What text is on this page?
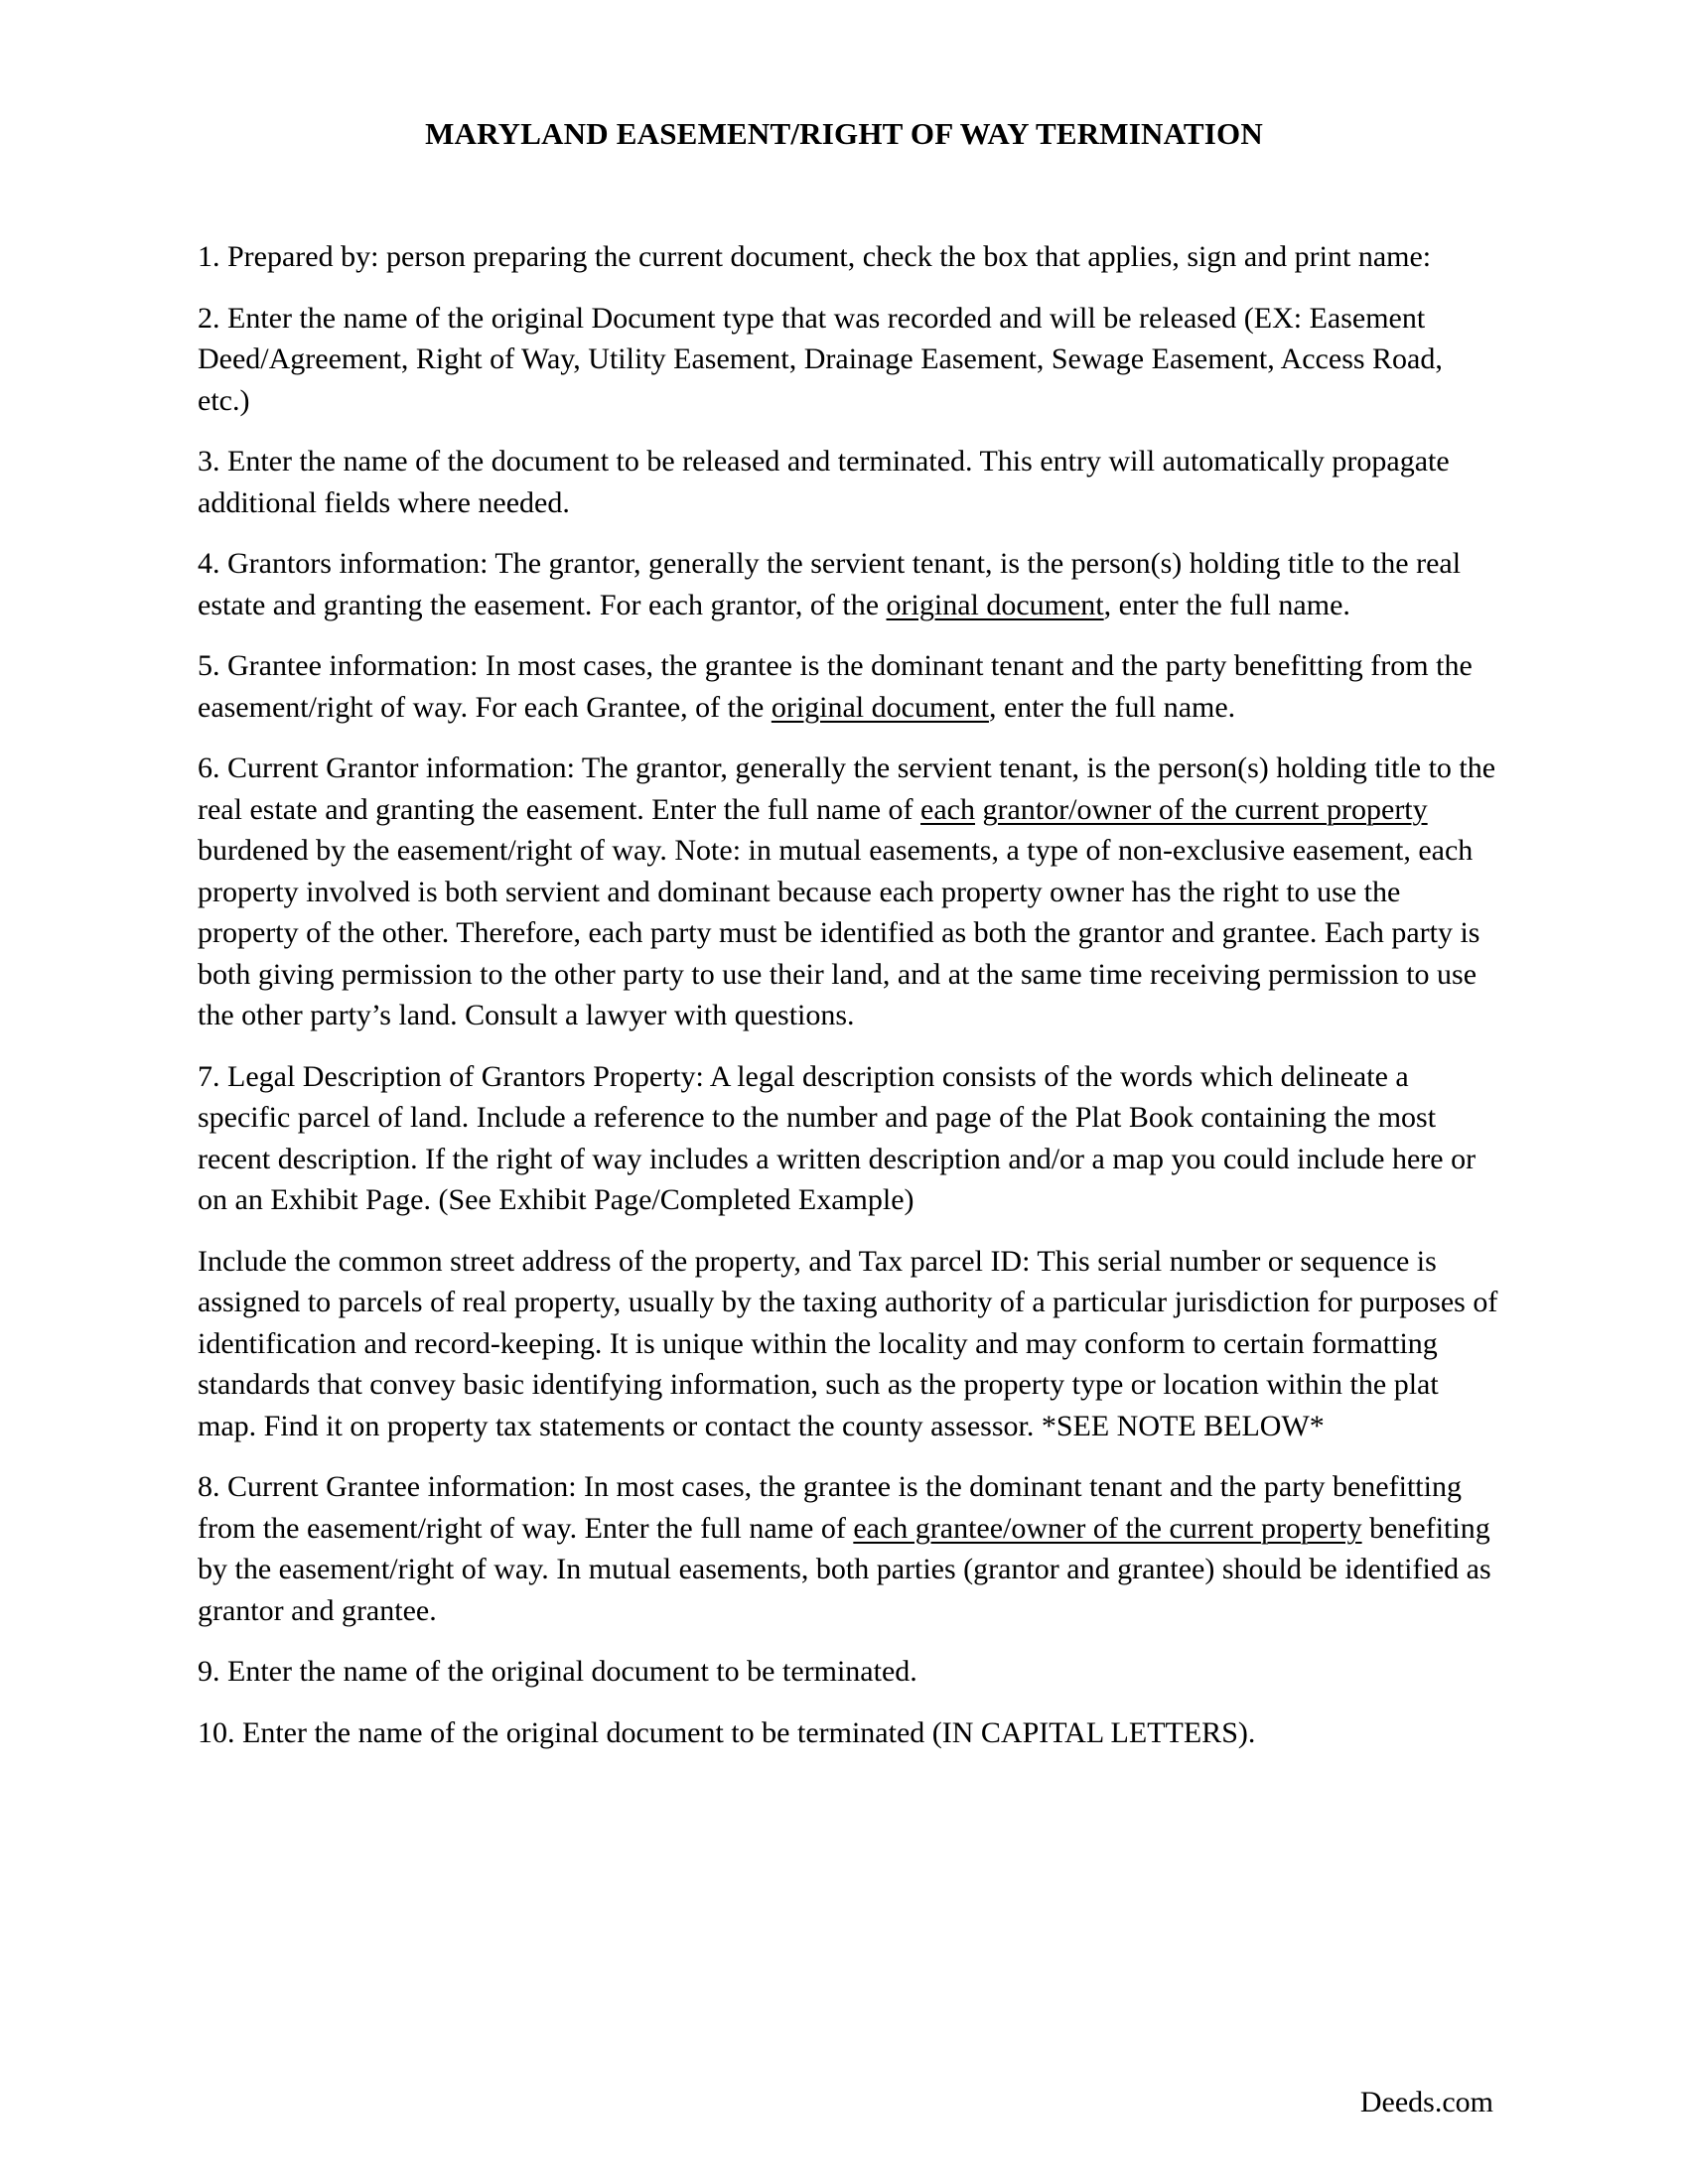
MARYLAND EASEMENT/RIGHT OF WAY TERMINATION

1. Prepared by: person preparing the current document, check the box that applies, sign and print name:

2. Enter the name of the original Document type that was recorded and will be released (EX: Easement Deed/Agreement, Right of Way, Utility Easement, Drainage Easement, Sewage Easement, Access Road, etc.)

3. Enter the name of the document to be released and terminated. This entry will automatically propagate additional fields where needed.

4. Grantors information: The grantor, generally the servient tenant, is the person(s) holding title to the real estate and granting the easement. For each grantor, of the original document, enter the full name.

5. Grantee information: In most cases, the grantee is the dominant tenant and the party benefitting from the easement/right of way. For each Grantee, of the original document, enter the full name.

6. Current Grantor information: The grantor, generally the servient tenant, is the person(s) holding title to the real estate and granting the easement. Enter the full name of each grantor/owner of the current property burdened by the easement/right of way. Note: in mutual easements, a type of non-exclusive easement, each property involved is both servient and dominant because each property owner has the right to use the property of the other. Therefore, each party must be identified as both the grantor and grantee. Each party is both giving permission to the other party to use their land, and at the same time receiving permission to use the other party’s land. Consult a lawyer with questions.

7. Legal Description of Grantors Property: A legal description consists of the words which delineate a specific parcel of land. Include a reference to the number and page of the Plat Book containing the most recent description. If the right of way includes a written description and/or a map you could include here or on an Exhibit Page. (See Exhibit Page/Completed Example)

Include the common street address of the property, and Tax parcel ID: This serial number or sequence is assigned to parcels of real property, usually by the taxing authority of a particular jurisdiction for purposes of identification and record-keeping. It is unique within the locality and may conform to certain formatting standards that convey basic identifying information, such as the property type or location within the plat map. Find it on property tax statements or contact the county assessor. *SEE NOTE BELOW*

8. Current Grantee information: In most cases, the grantee is the dominant tenant and the party benefitting from the easement/right of way. Enter the full name of each grantee/owner of the current property benefiting by the easement/right of way. In mutual easements, both parties (grantor and grantee) should be identified as grantor and grantee.

9. Enter the name of the original document to be terminated.

10. Enter the name of the original document to be terminated (IN CAPITAL LETTERS).

Deeds.com
